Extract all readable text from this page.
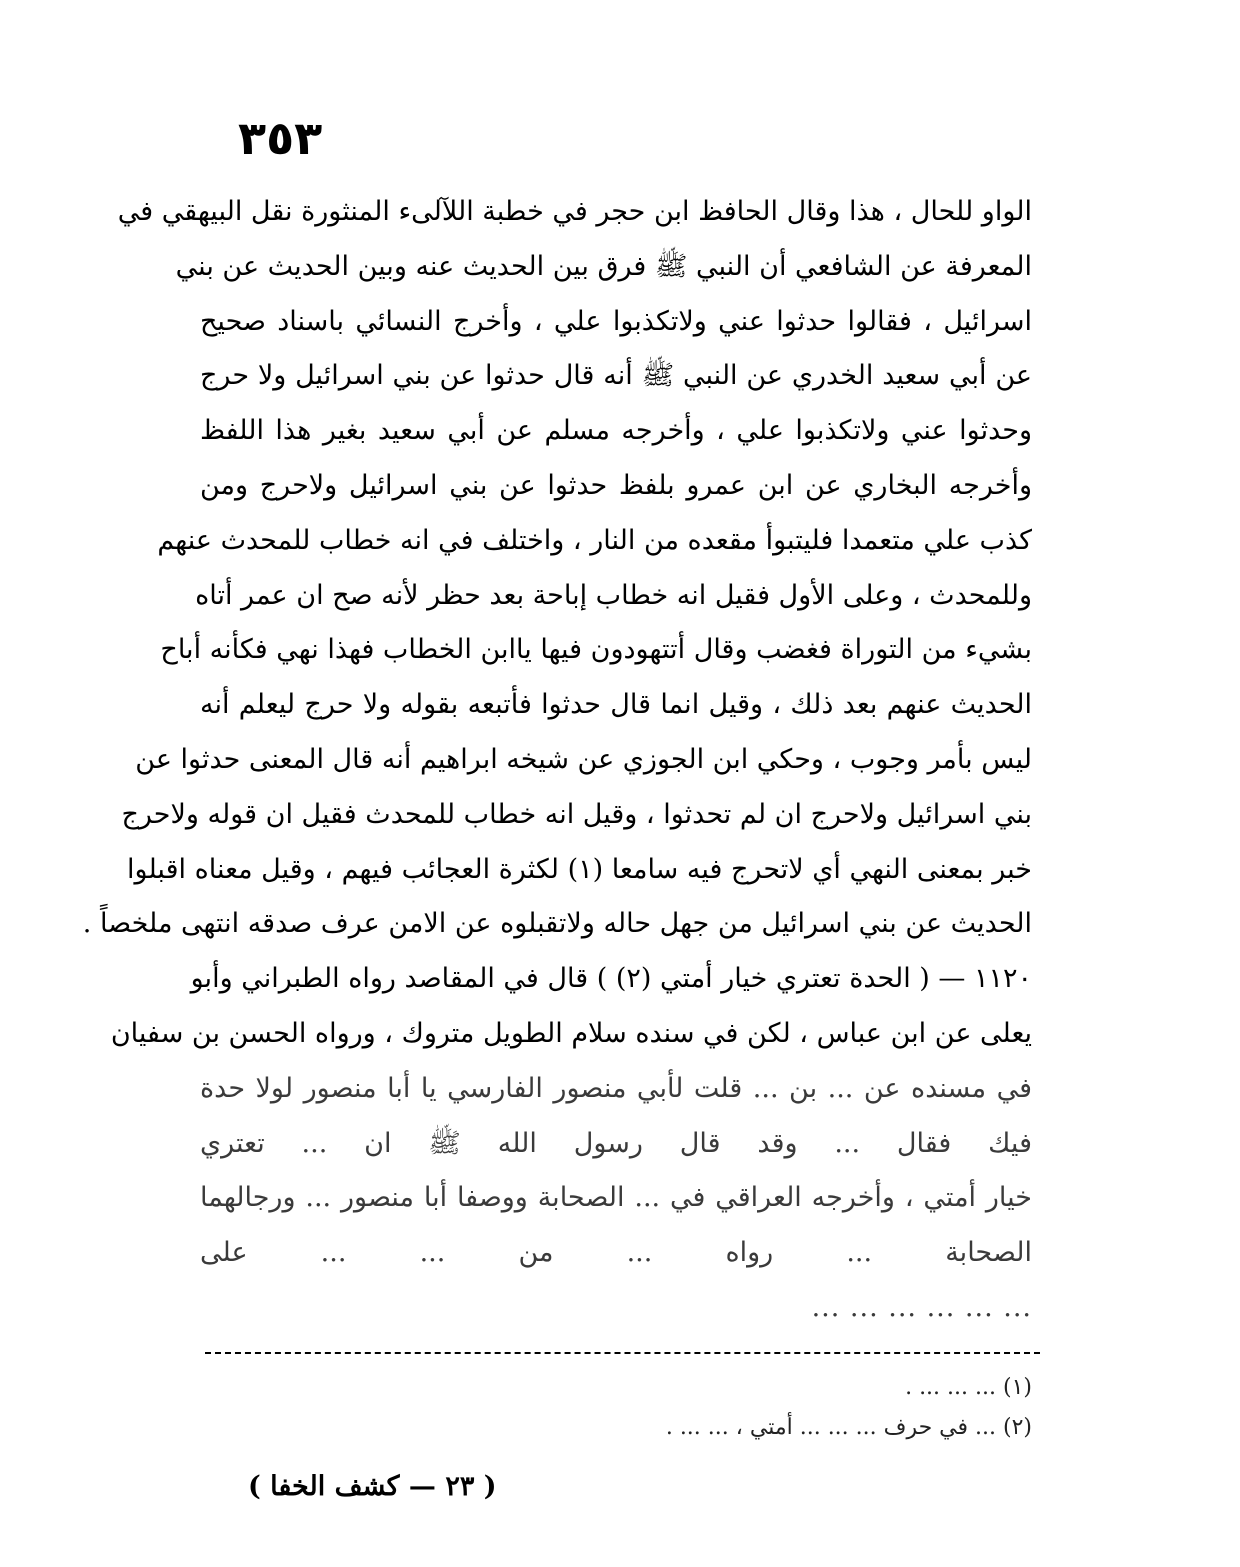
٣٥٣
الواو للحال ، هذا وقال الحافظ ابن حجر في خطبة اللآلىء المنثورة نقل البيهقي في
المعرفة عن الشافعي أن النبي ﷺ فرق بين الحديث عنه وبين الحديث عن بني
اسرائيل ، فقالوا حدثوا عني ولاتكذبوا علي ، وأخرج النسائي باسناد صحيح
عن أبي سعيد الخدري عن النبي ﷺ أنه قال حدثوا عن بني اسرائيل ولا حرج
وحدثوا عني ولاتكذبوا علي ، وأخرجه مسلم عن أبي سعيد بغير هذا اللفظ
وأخرجه البخاري عن ابن عمرو بلفظ حدثوا عن بني اسرائيل ولاحرج ومن
كذب علي متعمدا فليتبوأ مقعده من النار ، واختلف في انه خطاب للمحدث عنهم
وللمحدث ، وعلى الأول فقيل انه خطاب إباحة بعد حظر لأنه صح ان عمر أتاه
بشيء من التوراة فغضب وقال أتتهودون فيها ياابن الخطاب فهذا نهي فكأنه أباح
الحديث عنهم بعد ذلك ، وقيل انما قال حدثوا فأتبعه بقوله ولا حرج ليعلم أنه
ليس بأمر وجوب ، وحكي ابن الجوزي عن شيخه ابراهيم أنه قال المعنى حدثوا عن
بني اسرائيل ولاحرج ان لم تحدثوا ، وقيل انه خطاب للمحدث فقيل ان قوله ولاحرج
خبر بمعنى النهي أي لاتحرج فيه سامعا (١) لكثرة العجائب فيهم ، وقيل معناه اقبلوا
الحديث عن بني اسرائيل من جهل حاله ولاتقبلوه عن الامن عرف صدقه انتهى ملخصاً .
١١٢٠ — ( الحدة تعتري خيار أمتي (٢) ) قال في المقاصد رواه الطبراني وأبو
يعلى عن ابن عباس ، لكن في سنده سلام الطويل متروك ، ورواه الحسن بن سفيان
في مسنده عن ... بن ... قلت لأبي منصور الفارسي يا أبا منصور لولا حدة
فيك فقال ... وقد قال رسول الله ﷺ ان ... تعتري
خيار أمتي ، وأخرجه العراقي في ... الصحابة ووصفا أبا منصور ... ورجالهما
الصحابة ... رواه ... من ... ... على
... ... ... ... ... ...
(١) ... ... ... .
(٢) ... في حرف ... ... ... أمتي ، ... ... .
( ٢٣ — كشف الخفا )
